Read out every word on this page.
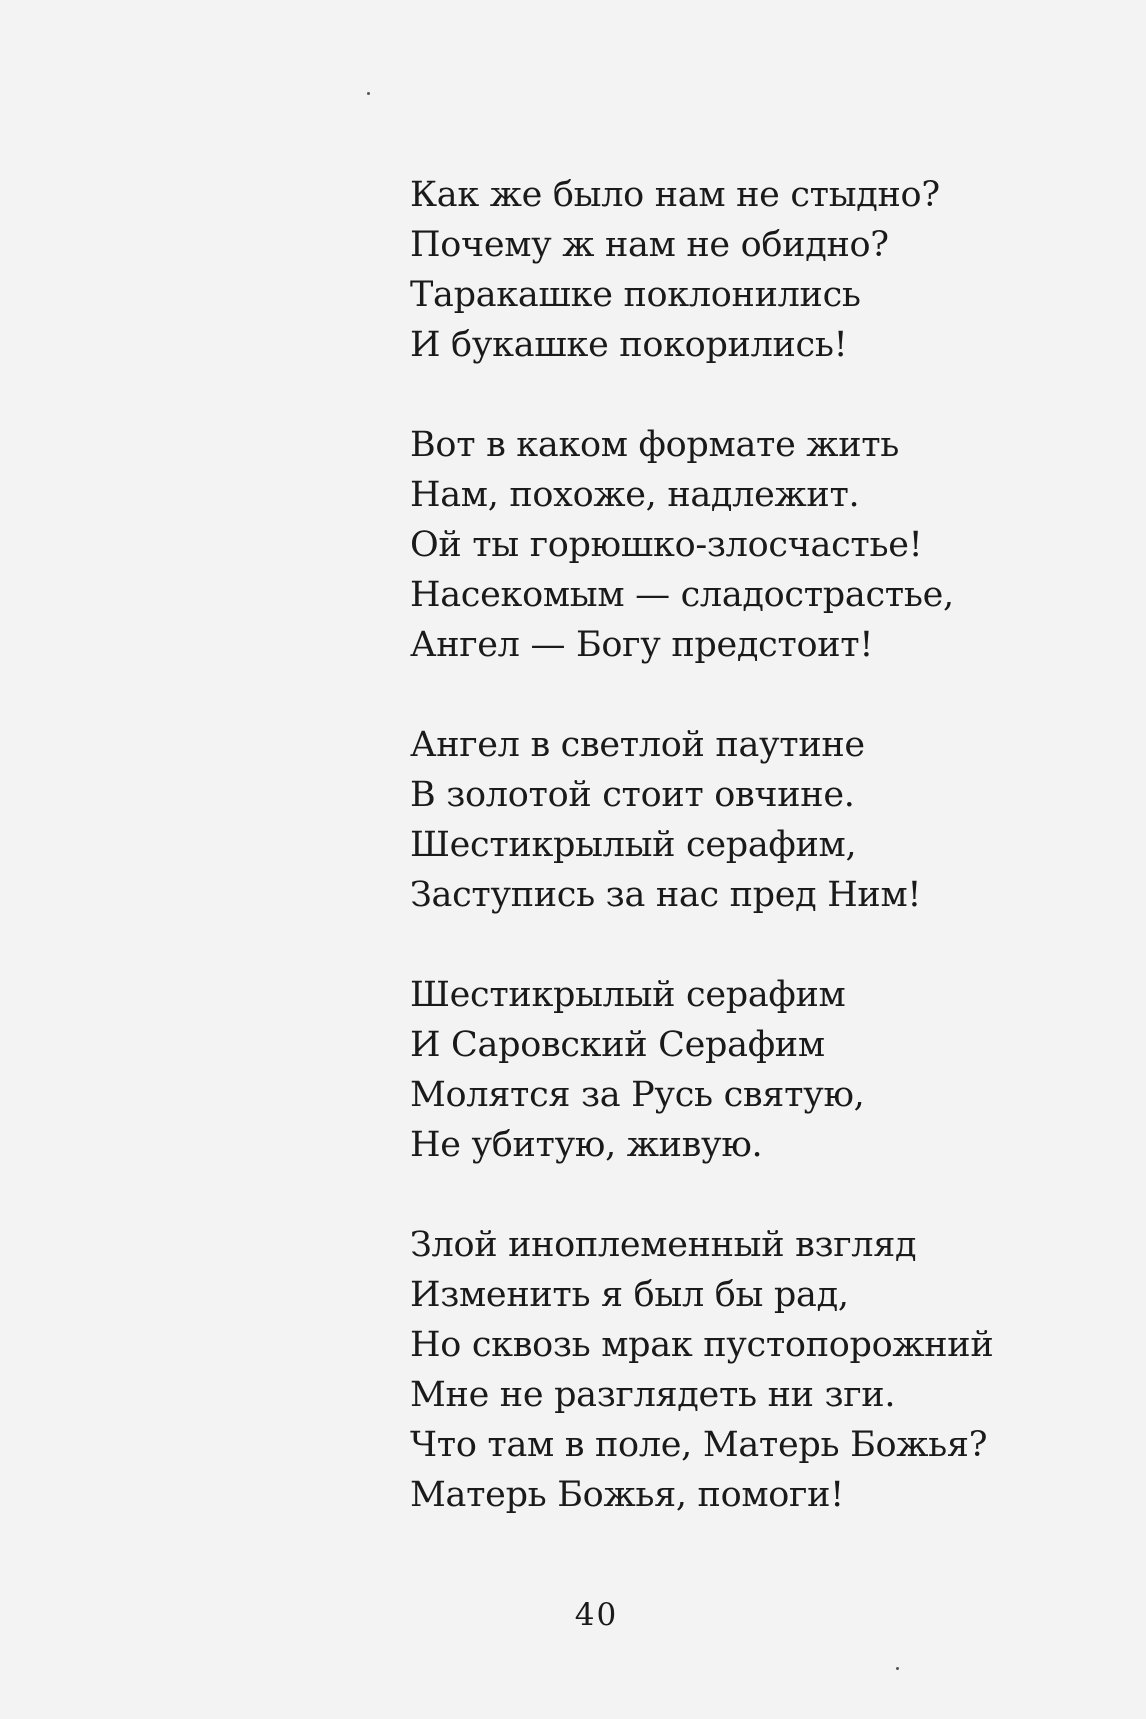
Как же было нам не стыдно?
Почему ж нам не обидно?
Таракашке поклонились
И букашке покорились!
Вот в каком формате жить
Нам, похоже, надлежит.
Ой ты горюшко-злосчастье!
Насекомым — сладострастье,
Ангел — Богу предстоит!
Ангел в светлой паутине
В золотой стоит овчине.
Шестикрылый серафим,
Заступись за нас пред Ним!
Шестикрылый серафим
И Саровский Серафим
Молятся за Русь святую,
Не убитую, живую.
Злой иноплеменный взгляд
Изменить я был бы рад,
Но сквозь мрак пустопорожний
Мне не разглядеть ни зги.
Что там в поле, Матерь Божья?
Матерь Божья, помоги!
40
